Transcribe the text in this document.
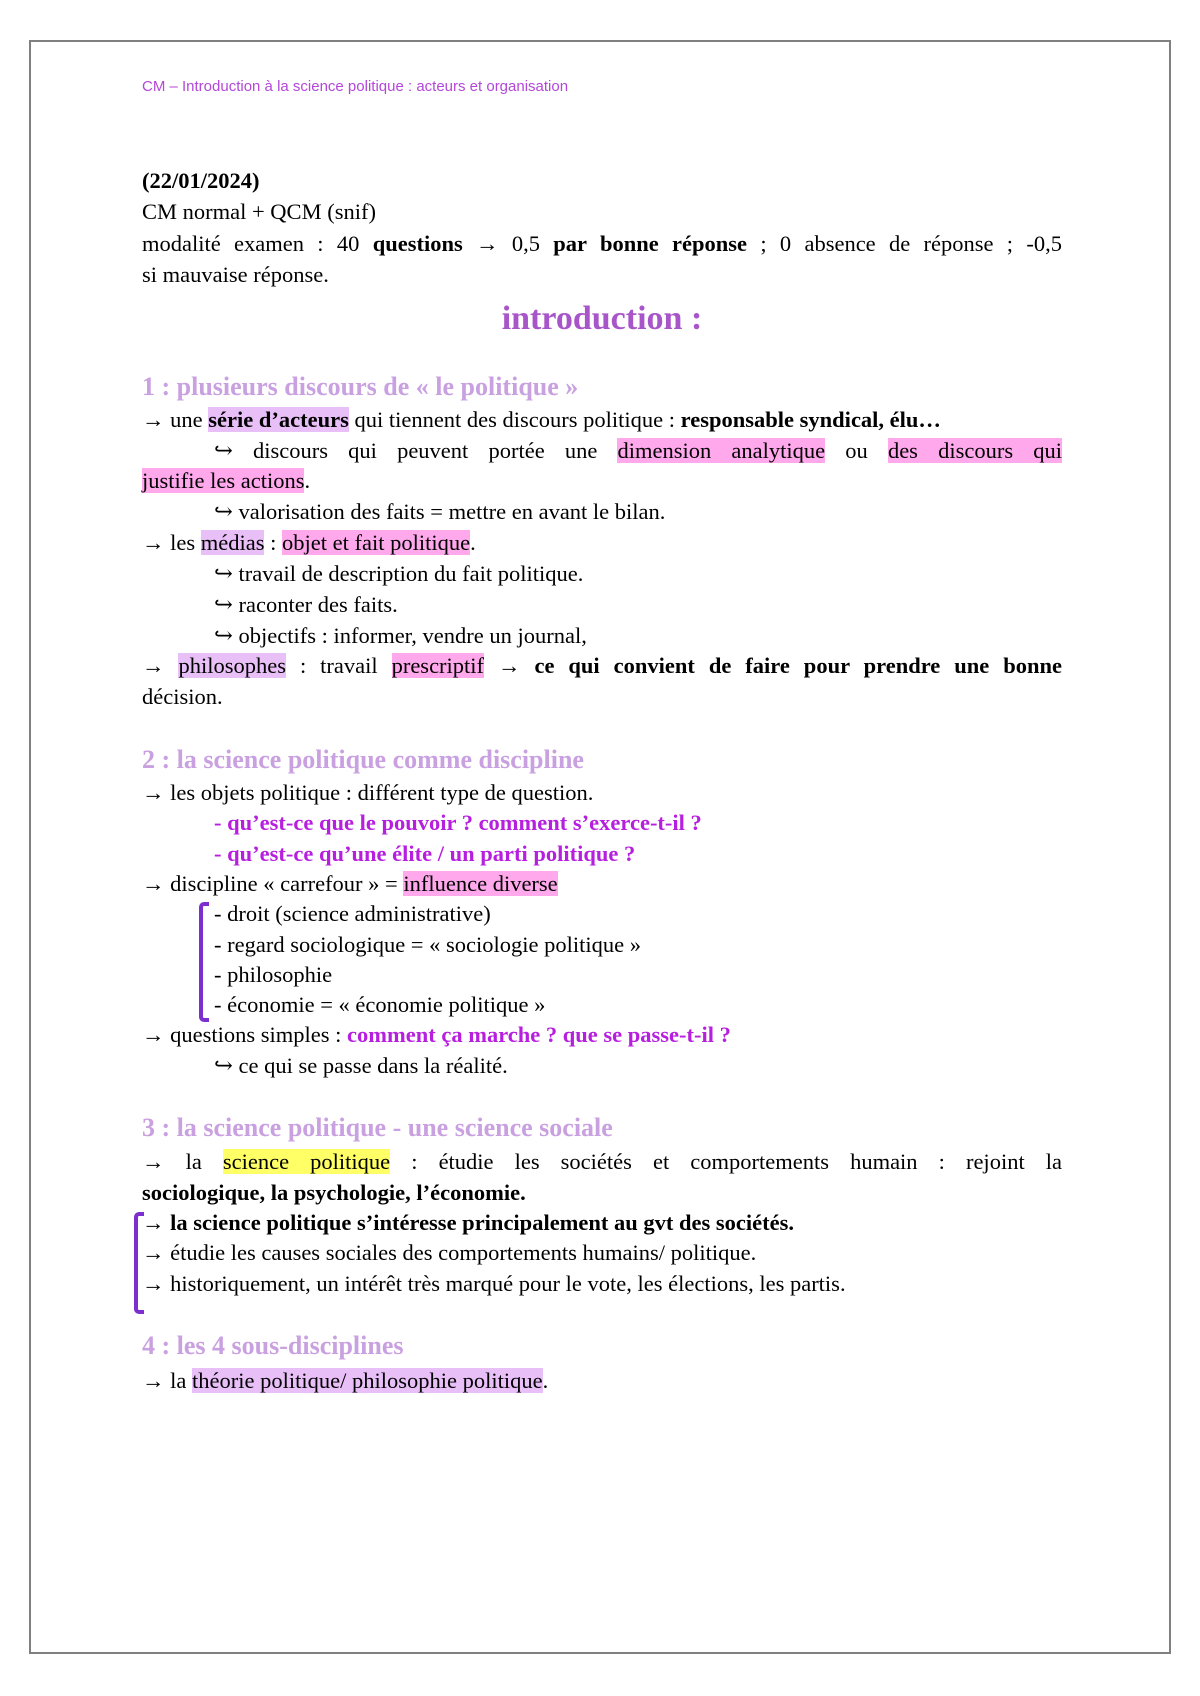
CM – Introduction à la science politique : acteurs et organisation
(22/01/2024)
CM normal + QCM (snif)
modalité examen : 40 questions → 0,5 par bonne réponse ; 0 absence de réponse ; -0,5
si mauvaise réponse.
introduction :
1 : plusieurs discours de « le politique »
→ une série d’acteurs qui tiennent des discours politique : responsable syndical, élu…
↪ discours qui peuvent portée une dimension analytique ou des discours qui
justifie les actions.
↪ valorisation des faits = mettre en avant le bilan.
→ les médias : objet et fait politique.
↪ travail de description du fait politique.
↪ raconter des faits.
↪ objectifs : informer, vendre un journal,
→ philosophes : travail prescriptif → ce qui convient de faire pour prendre une bonne
décision.
2 : la science politique comme discipline
→ les objets politique : différent type de question.
- qu’est-ce que le pouvoir ? comment s’exerce-t-il ?
- qu’est-ce qu’une élite / un parti politique ?
→ discipline « carrefour » = influence diverse
- droit (science administrative)
- regard sociologique = « sociologie politique »
- philosophie
- économie = « économie politique »
→ questions simples : comment ça marche ? que se passe-t-il ?
↪ ce qui se passe dans la réalité.
3 : la science politique - une science sociale
→ la science politique : étudie les sociétés et comportements humain : rejoint la
sociologique, la psychologie, l’économie.
→ la science politique s’intéresse principalement au gvt des sociétés.
→ étudie les causes sociales des comportements humains/ politique.
→ historiquement, un intérêt très marqué pour le vote, les élections, les partis.
4 : les 4 sous-disciplines
→ la théorie politique/ philosophie politique.
